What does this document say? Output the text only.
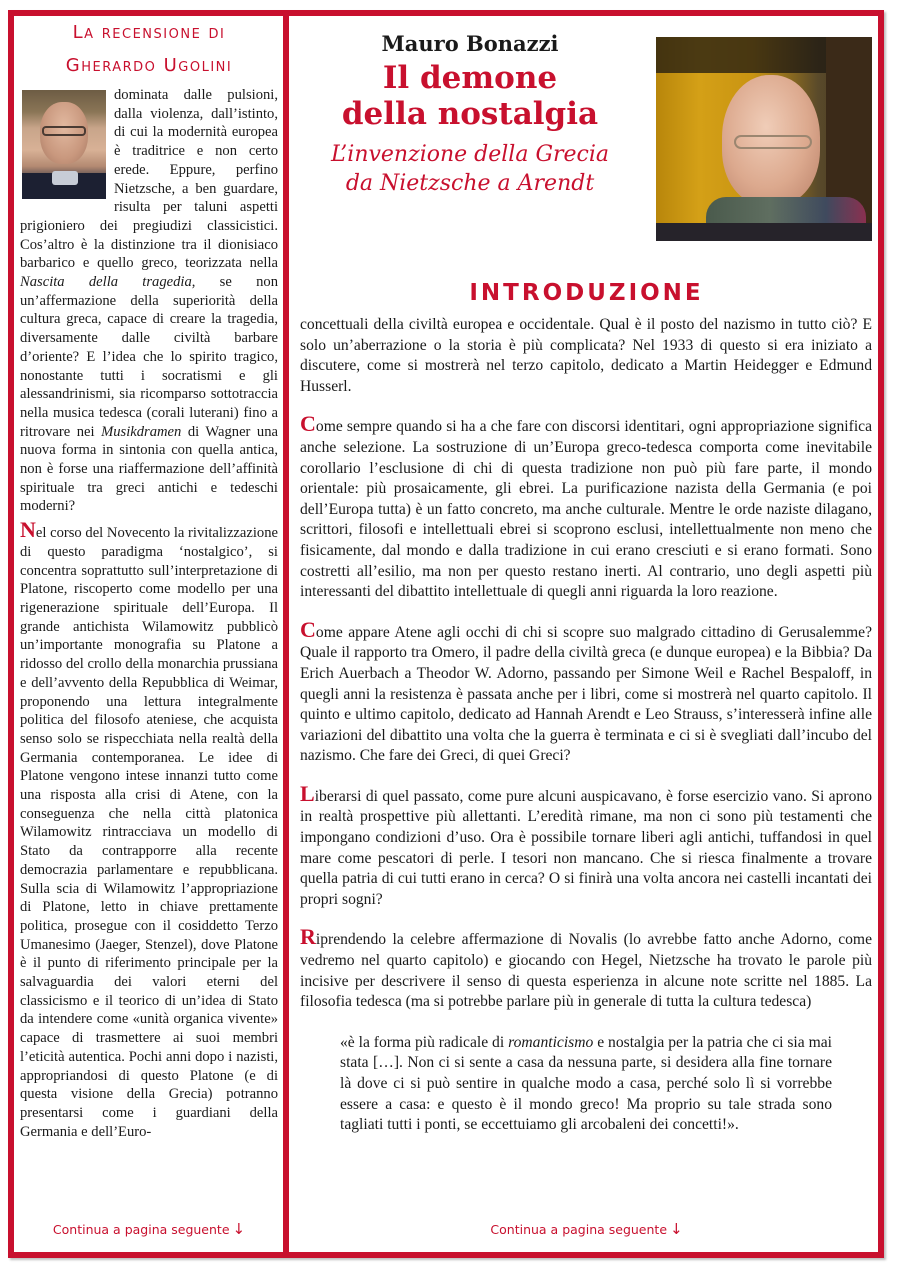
La recensione di
Gherardo Ugolini

dominata dalle pulsioni, dalla violenza, dall’istinto, di cui la modernità europea è traditrice e non certo erede. Eppure, perfino Nietzsche, a ben guardare, risulta per taluni aspetti prigioniero dei pregiudizi classicistici. Cos’altro è la distinzione tra il dionisiaco barbarico e quello greco, teorizzata nella Nascita della tragedia, se non un’affermazione della superiorità della cultura greca, capace di creare la tragedia, diversamente dalle civiltà barbare d’oriente? E l’idea che lo spirito tragico, nonostante tutti i socratismi e gli alessandrinismi, sia ricomparso sottotraccia nella musica tedesca (corali luterani) fino a ritrovare nei Musikdramen di Wagner una nuova forma in sintonia con quella antica, non è forse una riaffermazione dell’affinità spirituale tra greci antichi e tedeschi moderni?

Nel corso del Novecento la rivitalizzazione di questo paradigma ‘nostalgico’, si concentra soprattutto sull’interpretazione di Platone, riscoperto come modello per una rigenerazione spirituale dell’Europa. Il grande antichista Wilamowitz pubblicò un’importante monografia su Platone a ridosso del crollo della monarchia prussiana e dell’avvento della Repubblica di Weimar, proponendo una lettura integralmente politica del filosofo ateniese, che acquista senso solo se rispecchiata nella realtà della Germania contemporanea. Le idee di Platone vengono intese innanzi tutto come una risposta alla crisi di Atene, con la conseguenza che nella città platonica Wilamowitz rintracciava un modello di Stato da contrapporre alla recente democrazia parlamentare e repubblicana. Sulla scia di Wilamowitz l’appropriazione di Platone, letto in chiave prettamente politica, prosegue con il cosiddetto Terzo Umanesimo (Jaeger, Stenzel), dove Platone è il punto di riferimento principale per la salvaguardia dei valori eterni del classicismo e il teorico di un’idea di Stato da intendere come «unità organica vivente» capace di trasmettere ai suoi membri l’eticità autentica. Pochi anni dopo i nazisti, appropriandosi di questo Platone (e di questa visione della Grecia) potranno presentarsi come i guardiani della Germania e dell’Euro-

Continua a pagina seguente ↓
Mauro Bonazzi
Il demone
della nostalgia
L’invenzione della Grecia
da Nietzsche a Arendt
INTRODUZIONE

concettuali della civiltà europea e occidentale. Qual è il posto del nazismo in tutto ciò? E solo un’aberrazione o la storia è più complicata? Nel 1933 di questo si era iniziato a discutere, come si mostrerà nel terzo capitolo, dedicato a Martin Heidegger e Edmund Husserl.

Come sempre quando si ha a che fare con discorsi identitari, ogni appropriazione significa anche selezione. La sostruzione di un’Europa greco-tedesca comporta come inevitabile corollario l’esclusione di chi di questa tradizione non può più fare parte, il mondo orientale: più prosaicamente, gli ebrei. La purificazione nazista della Germania (e poi dell’Europa tutta) è un fatto concreto, ma anche culturale. Mentre le orde naziste dilagano, scrittori, filosofi e intellettuali ebrei si scoprono esclusi, intellettualmente non meno che fisicamente, dal mondo e dalla tradizione in cui erano cresciuti e si erano formati. Sono costretti all’esilio, ma non per questo restano inerti. Al contrario, uno degli aspetti più interessanti del dibattito intellettuale di quegli anni riguarda la loro reazione.

Come appare Atene agli occhi di chi si scopre suo malgrado cittadino di Gerusalemme? Quale il rapporto tra Omero, il padre della civiltà greca (e dunque europea) e la Bibbia? Da Erich Auerbach a Theodor W. Adorno, passando per Simone Weil e Rachel Bespaloff, in quegli anni la resistenza è passata anche per i libri, come si mostrerà nel quarto capitolo. Il quinto e ultimo capitolo, dedicato ad Hannah Arendt e Leo Strauss, s’interesserà infine alle variazioni del dibattito una volta che la guerra è terminata e ci si è svegliati dall’incubo del nazismo. Che fare dei Greci, di quei Greci?

Liberarsi di quel passato, come pure alcuni auspicavano, è forse esercizio vano. Si aprono in realtà prospettive più allettanti. L’eredità rimane, ma non ci sono più testamenti che impongano condizioni d’uso. Ora è possibile tornare liberi agli antichi, tuffandosi in quel mare come pescatori di perle. I tesori non mancano. Che si riesca finalmente a trovare quella patria di cui tutti erano in cerca? O si finirà una volta ancora nei castelli incantati dei propri sogni?

Riprendendo la celebre affermazione di Novalis (lo avrebbe fatto anche Adorno, come vedremo nel quarto capitolo) e giocando con Hegel, Nietzsche ha trovato le parole più incisive per descrivere il senso di questa esperienza in alcune note scritte nel 1885. La filosofia tedesca (ma si potrebbe parlare più in generale di tutta la cultura tedesca)

«è la forma più radicale di romanticismo e nostalgia per la patria che ci sia mai stata […]. Non ci si sente a casa da nessuna parte, si desidera alla fine tornare là dove ci si può sentire in qualche modo a casa, perché solo lì si vorrebbe essere a casa: e questo è il mondo greco! Ma proprio su tale strada sono tagliati tutti i ponti, se eccettuiamo gli arcobaleni dei concetti!».
Continua a pagina seguente ↓
